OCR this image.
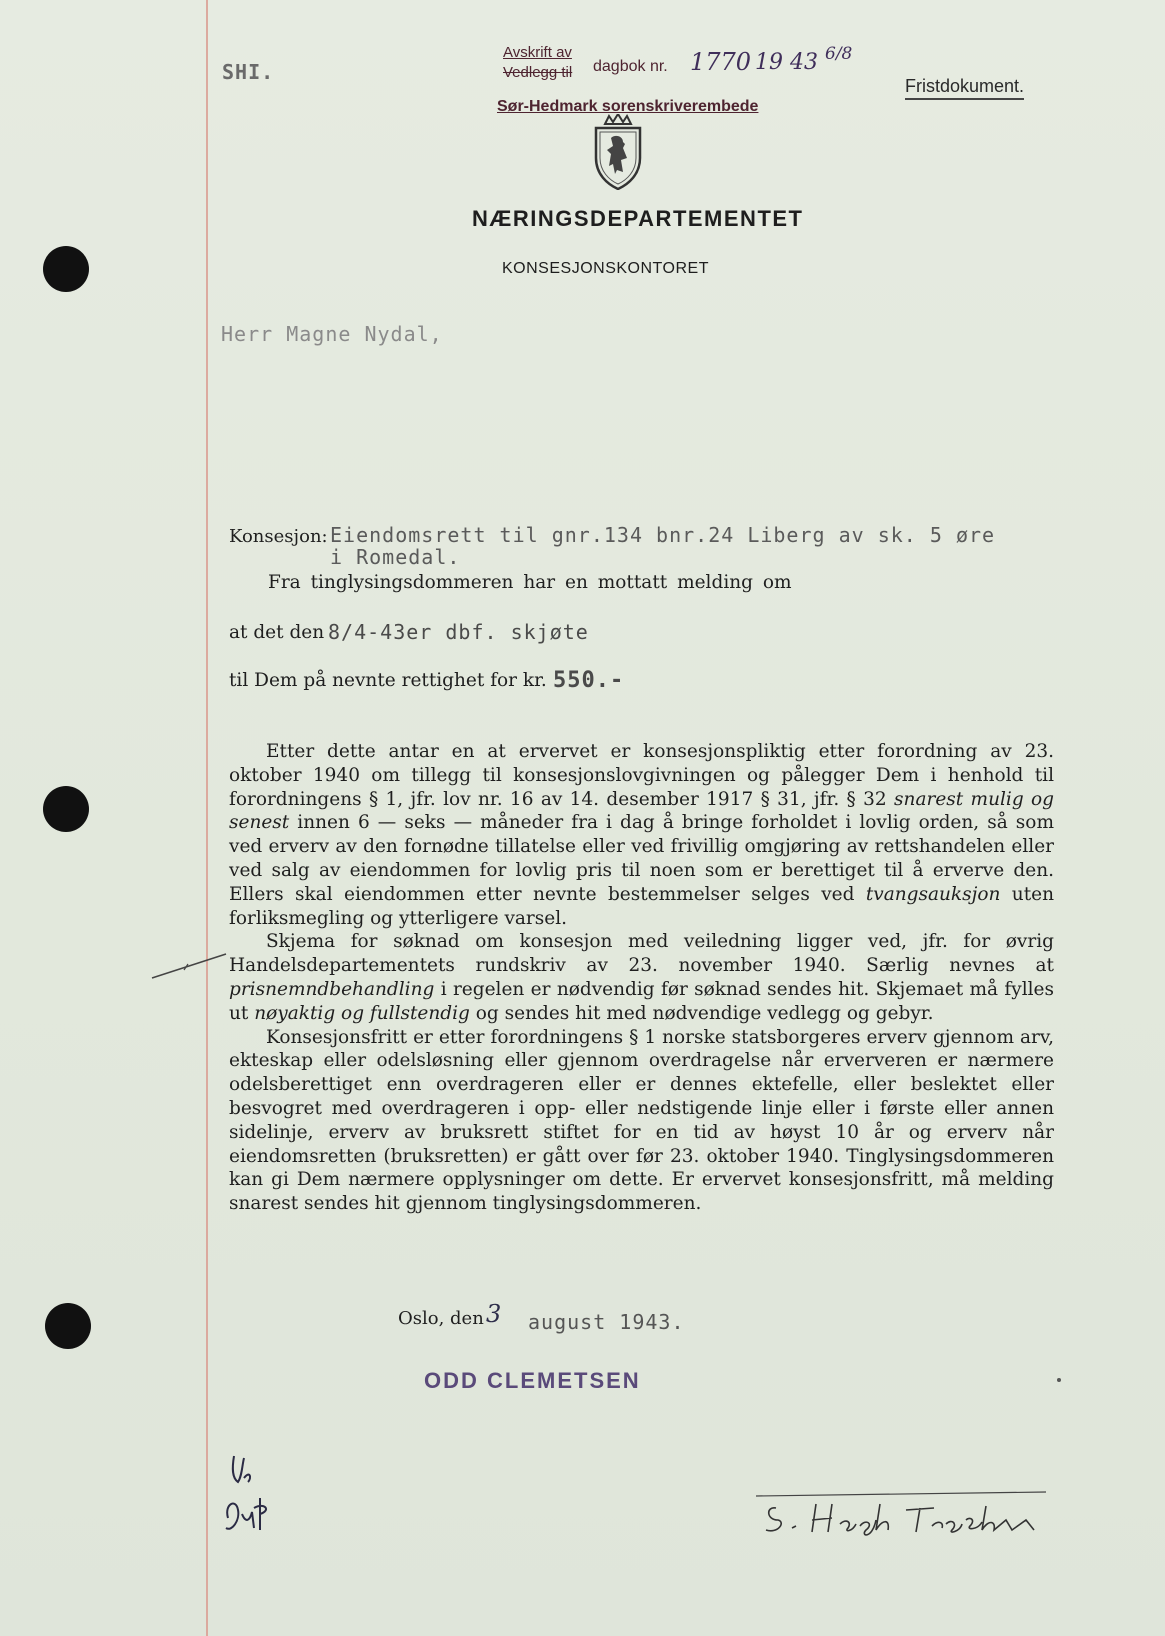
SHI.
Avskrift av
Vedlegg til dagbok nr. 1770 19 43 6/8
Sør-Hedmark sorenskriverembede
Fristdokument.
NÆRINGSDEPARTEMENTET
KONSESJONSKONTORET
Herr Magne Nydal,
Konsesjon: Eiendomsrett til gnr.134 bnr.24 Liberg av sk. 5 øre
i Romedal.
Fra tinglysingsdommeren har en mottatt melding om
at det den 8/4-43er dbf. skjøte
til Dem på nevnte rettighet for kr. 550.-

Etter dette antar en at ervervet er konsesjonspliktig etter forordning av 23. oktober 1940 om tillegg til konsesjonslovgivningen og pålegger Dem i henhold til forordningens § 1, jfr. lov nr. 16 av 14. desember 1917 § 31, jfr. § 32 snarest mulig og senest innen 6 — seks — måneder fra i dag å bringe forholdet i lovlig orden, så som ved erverv av den fornødne tillatelse eller ved frivillig omgjøring av rettshandelen eller ved salg av eiendommen for lovlig pris til noen som er berettiget til å erverve den. Ellers skal eiendommen etter nevnte bestemmelser selges ved tvangsauksjon uten forliksmegling og ytterligere varsel.

Skjema for søknad om konsesjon med veiledning ligger ved, jfr. for øvrig Handelsdepartementets rundskriv av 23. november 1940. Særlig nevnes at prisnemndbehandling i regelen er nødvendig før søknad sendes hit. Skjemaet må fylles ut nøyaktig og fullstendig og sendes hit med nødvendige vedlegg og gebyr.

Konsesjonsfritt er etter forordningens § 1 norske statsborgeres erverv gjennom arv, ekteskap eller odelsløsning eller gjennom overdragelse når erververen er nærmere odelsberettiget enn overdrageren eller er dennes ektefelle, eller beslektet eller besvogret med overdrageren i opp- eller nedstigende linje eller i første eller annen sidelinje, erverv av bruksrett stiftet for en tid av høyst 10 år og erverv når eiendomsretten (bruksretten) er gått over før 23. oktober 1940. Tinglysingsdommeren kan gi Dem nærmere opplysninger om dette. Er ervervet konsesjonsfritt, må melding snarest sendes hit gjennom tinglysingsdommeren.

Oslo, den 3 august 1943.
ODD CLEMETSEN
